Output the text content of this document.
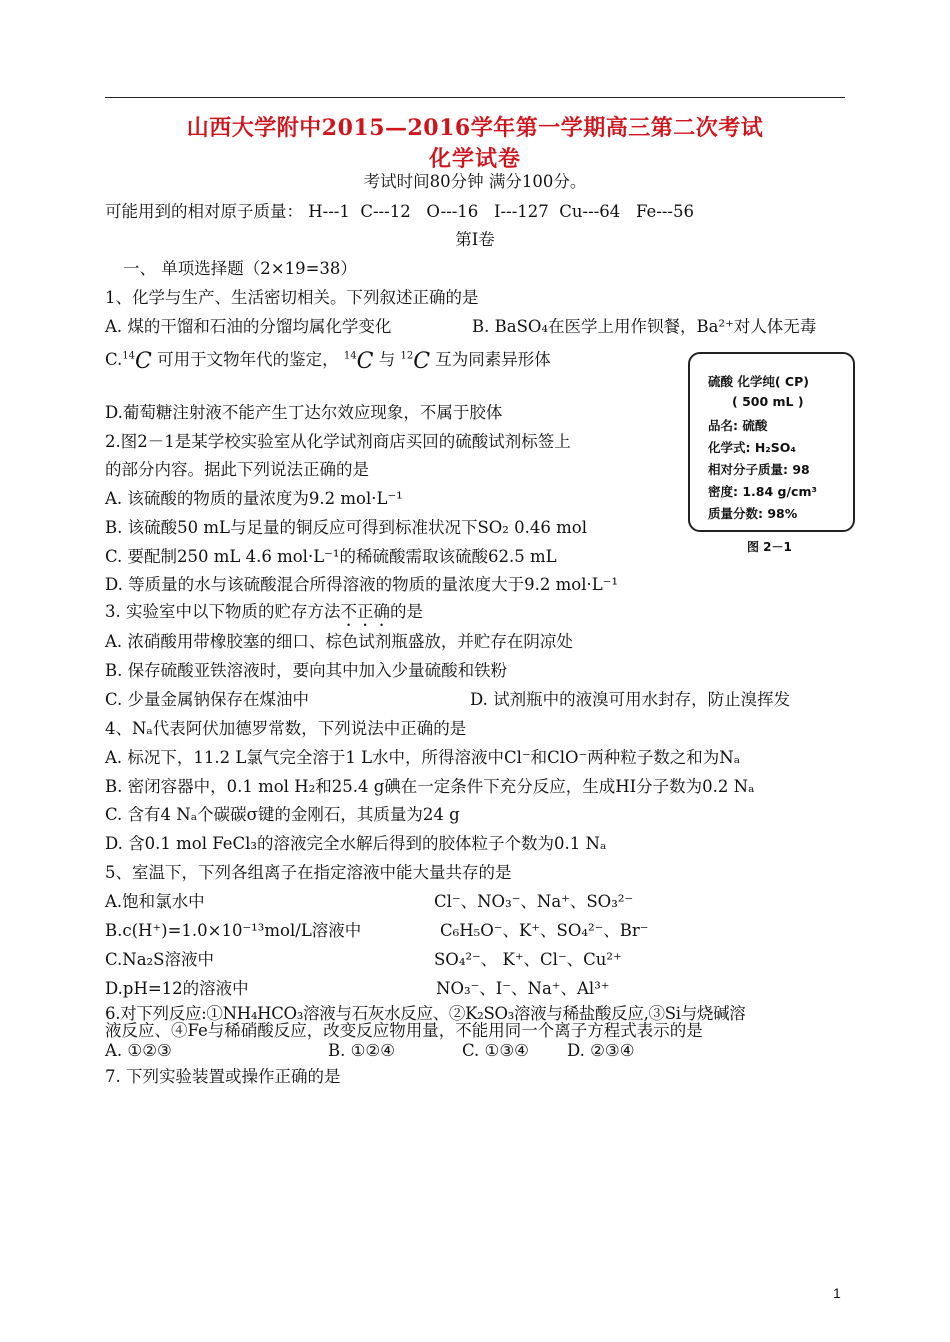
山西大学附中2015—2016学年第一学期高三第二次考试
化学试卷
考试时间80分钟 满分100分。
可能用到的相对原子质量： H---1  C---12   O---16   I---127  Cu---64   Fe---56
第Ⅰ卷
一、 单项选择题（2×19=38）
1、化学与生产、生活密切相关。下列叙述正确的是
A. 煤的干馏和石油的分馏均属化学变化	B. BaSO₄在医学上用作钡餐，Ba²⁺对人体无毒
C.$^{14}$C 可用于文物年代的鉴定， $^{14}$C 与 $^{12}$C 互为同素异形体
D.葡萄糖注射液不能产生丁达尔效应现象，不属于胶体
2.图2－1是某学校实验室从化学试剂商店买回的硫酸试剂标签上
的部分内容。据此下列说法正确的是
A. 该硫酸的物质的量浓度为9.2 mol·L⁻¹
B. 该硫酸50 mL与足量的铜反应可得到标准状况下SO₂ 0.46 mol
C. 要配制250 mL 4.6 mol·L⁻¹的稀硫酸需取该硫酸62.5 mL
D. 等质量的水与该硫酸混合所得溶液的物质的量浓度大于9.2 mol·L⁻¹
硫酸 化学纯( CP)
( 500 mL )
品名: 硫酸
化学式: H₂SO₄
相对分子质量: 98
密度: 1.84 g/cm³
质量分数: 98%
图 2－1
3. 实验室中以下物质的贮存方法不正确的是
A. 浓硝酸用带橡胶塞的细口、棕色试剂瓶盛放，并贮存在阴凉处
B. 保存硫酸亚铁溶液时，要向其中加入少量硫酸和铁粉
C. 少量金属钠保存在煤油中	D. 试剂瓶中的液溴可用水封存，防止溴挥发
4、Nₐ代表阿伏加德罗常数，下列说法中正确的是
A. 标况下，11.2 L氯气完全溶于1 L水中，所得溶液中Cl⁻和ClO⁻两种粒子数之和为Nₐ
B. 密闭容器中，0.1 mol H₂和25.4 g碘在一定条件下充分反应，生成HI分子数为0.2 Nₐ
C. 含有4 Nₐ个碳碳σ键的金刚石，其质量为24 g
D. 含0.1 mol FeCl₃的溶液完全水解后得到的胶体粒子个数为0.1 Nₐ
5、室温下，下列各组离子在指定溶液中能大量共存的是
A.饱和氯水中	Cl⁻、NO₃⁻、Na⁺、SO₃²⁻
B.c(H⁺)=1.0×10⁻¹³mol/L溶液中	C₆H₅O⁻、K⁺、SO₄²⁻、Br⁻
C.Na₂S溶液中	SO₄²⁻、 K⁺、Cl⁻、Cu²⁺
D.pH=12的溶液中	NO₃⁻、I⁻、Na⁺、Al³⁺
6.对下列反应:①NH₄HCO₃溶液与石灰水反应、②K₂SO₃溶液与稀盐酸反应,③Si与烧碱溶
液反应、④Fe与稀硝酸反应，改变反应物用量，不能用同一个离子方程式表示的是
A. ①②③	B. ①②④	C. ①③④ D. ②③④
7. 下列实验装置或操作正确的是
1
